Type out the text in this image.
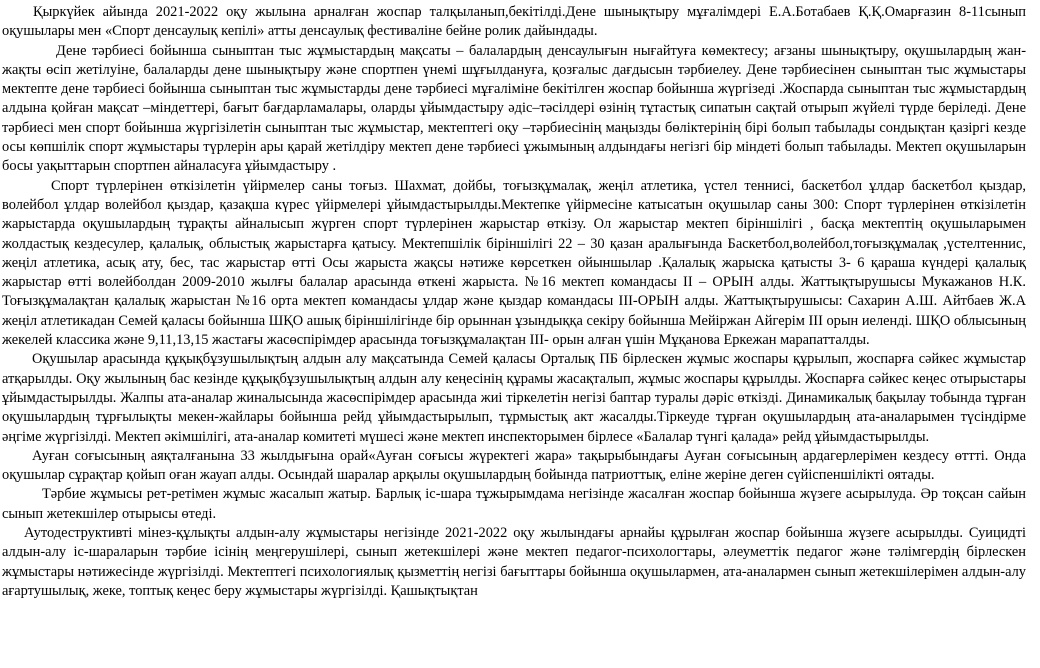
Қыркүйек айында 2021-2022 оқу жылына арналған жоспар талқыланып,бекітілді.Дене шынықтыру мұғалімдері Е.А.Ботабаев Қ.Қ.Омарғазин 8-11сынып оқушылары мен «Спорт денсаулық кепілі» атты денсаулық фестиваліне бейне ролик дайындады.

Дене тәрбиесі бойынша сыныптан тыс жұмыстардың мақсаты – балалардың денсаулығын нығайтуға көмектесу; ағзаны шынықтыру, оқушылардың жан-жақты өсіп жетілуіне, балаларды дене шынықтыру және спортпен үнемі шұғылдануға, қозғалыс дағдысын тәрбиелеу. Дене тәрбиесінен сыныптан тыс жұмыстары мектепте дене тәрбиесі бойынша сыныптан тыс жұмыстарды дене тәрбиесі мұғаліміне бекітілген жоспар бойынша жүргізеді .Жоспарда сыныптан тыс жұмыстардың алдына қойған мақсат –міндеттері, бағыт бағдарламалары, оларды ұйымдастыру әдіс–тәсілдері өзінің тұтастық сипатын сақтай отырып жүйелі түрде беріледі. Дене тәрбиесі мен спорт бойынша жүргізілетін сыныптан тыс жұмыстар, мектептегі оқу –тәрбиесінің маңызды бөліктерінің бірі болып табылады сондықтан қазіргі кезде осы көпшілік спорт жұмыстары түрлерін ары қарай жетілдіру мектеп дене тәрбиесі ұжымының алдындағы негізгі бір міндеті болып табылады. Мектеп оқушыларын босы уақыттарын спортпен айналасуға ұйымдастыру .

Спорт түрлерінен өткізілетін үйірмелер саны тоғыз. Шахмат, дойбы, тоғызқұмалақ, жеңіл атлетика, үстел теннисі, баскетбол ұлдар баскетбол қыздар, волейбол ұлдар волейбол қыздар, қазақша күрес үйірмелері ұйымдастырылды.Мектепке үйірмесіне катысатын оқушылар саны 300: Спорт түрлерінен өткізілетін жарыстарда оқушылардың тұрақты айналысып жүрген спорт түрлерінен жарыстар өткізу. Ол жарыстар мектеп біріншілігі , басқа мектептің оқушыларымен жолдастық кездесулер, қалалық, облыстық жарыстарға қатысу. Мектепшілік біріншілігі 22 – 30 қазан аралығында Баскетбол,волейбол,тоғызқұмалақ ,үстелтеннис, жеңіл атлетика, асық ату, бес, тас жарыстар өтті Осы жарыста жақсы нәтиже көрсеткен ойыншылар .Қалалық жарыска қатысты 3- 6 қараша күндері қалалық жарыстар өтті волейболдан 2009-2010 жылғы балалар арасында өткені жарыста. №16 мектеп командасы ІІ – ОРЫН алды. Жаттықтырушысы Мукажанов Н.К. Тоғызқұмалақтан қалалық жарыстан №16 орта мектеп командасы ұлдар және қыздар командасы ІІІ-ОРЫН алды. Жаттықтырушысы: Сахарин А.Ш. Айтбаев Ж.А жеңіл атлетикадан Семей қаласы бойынша ШҚО ашық біріншілігінде бір орыннан ұзындыққа секіру бойынша Мейіржан Айгерім ІІІ орын иеленді. ШҚО облысының жекелей классика және 9,11,13,15 жастағы жасөспірімдер арасында тоғызқұмалақтан ІІІ- орын алған үшін Мұқанова Еркежан марапатталды.

Оқушылар арасында құқықбұзушылықтың алдын алу мақсатында Семей қаласы Орталық ПБ бірлескен жұмыс жоспары құрылып, жоспарға сәйкес жұмыстар атқарылды. Оқу жылының бас кезінде құқықбұзушылықтың алдын алу кеңесінің құрамы жасақталып, жұмыс жоспары құрылды. Жоспарға сәйкес кеңес отырыстары ұйымдастырылды. Жалпы ата-аналар жиналысында жасөспірімдер арасында жиі тіркелетін негізі баптар туралы дәріс өткізді. Динамикалық бақылау тобында тұрған оқушылардың тұрғылықты мекен-жайлары бойынша рейд ұйымдастырылып, тұрмыстық акт жасалды.Тіркеуде тұрған оқушылардың ата-аналарымен түсіндірме әңгіме жүргізілді. Мектеп әкімшілігі, ата-аналар комитеті мүшесі және мектеп инспекторымен бірлесе «Балалар түнгі қалада» рейд ұйымдастырылды.

Ауған соғысының аяқталғанына 33 жылдығына орай«Ауған соғысы жүректегі жара» тақырыбындағы Ауған соғысының ардагерлерімен кездесу өттті. Онда оқушылар сұрақтар қойып оған жауап алды. Осындай шаралар арқылы оқушылардың бойында патриоттық, еліне жеріне деген сүйіспеншілікті оятады.

Тәрбие жұмысы рет-ретімен жұмыс жасалып жатыр. Барлық іс-шара тұжырымдама негізінде жасалған жоспар бойынша жүзеге асырылуда. Әр тоқсан сайын сынып жетекшілер отырысы өтеді.

Аутодеструктивті мінез-құлықты алдын-алу жұмыстары негізінде 2021-2022 оқу жылындағы арнайы құрылған жоспар бойынша жүзеге асырылды. Суицидті алдын-алу іс-шараларын тәрбие ісінің меңгерушілері, сынып жетекшілері және мектеп педагог-психологтары, әлеуметтік педагог және тәлімгердің бірлескен жұмыстары нәтижесінде жүргізілді. Мектептегі психологиялық қызметтің негізі бағыттары бойынша оқушылармен, ата-аналармен сынып жетекшілерімен алдын-алу ағартушылық, жеке, топтық кеңес беру жұмыстары жүргізілді. Қашықтықтан
